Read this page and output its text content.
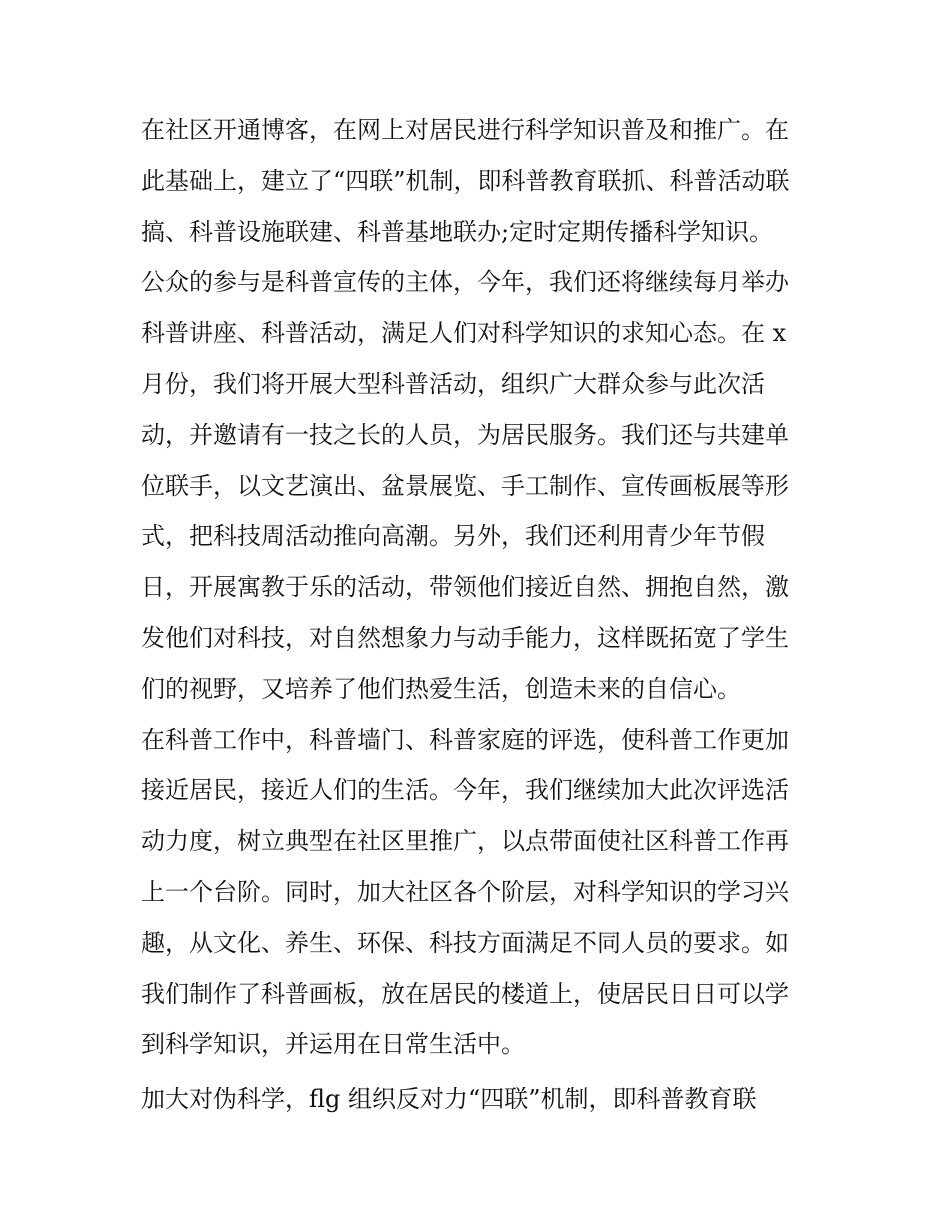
在社区开通博客，在网上对居民进行科学知识普及和推广。在
此基础上，建立了“四联”机制，即科普教育联抓、科普活动联
搞、科普设施联建、科普基地联办;定时定期传播科学知识。
公众的参与是科普宣传的主体，今年，我们还将继续每月举办
科普讲座、科普活动，满足人们对科学知识的求知心态。在 x
月份，我们将开展大型科普活动，组织广大群众参与此次活
动，并邀请有一技之长的人员，为居民服务。我们还与共建单
位联手，以文艺演出、盆景展览、手工制作、宣传画板展等形
式，把科技周活动推向高潮。另外，我们还利用青少年节假
日，开展寓教于乐的活动，带领他们接近自然、拥抱自然，激
发他们对科技，对自然想象力与动手能力，这样既拓宽了学生
们的视野，又培养了他们热爱生活，创造未来的自信心。
在科普工作中，科普墙门、科普家庭的评选，使科普工作更加
接近居民，接近人们的生活。今年，我们继续加大此次评选活
动力度，树立典型在社区里推广，以点带面使社区科普工作再
上一个台阶。同时，加大社区各个阶层，对科学知识的学习兴
趣，从文化、养生、环保、科技方面满足不同人员的要求。如
我们制作了科普画板，放在居民的楼道上，使居民日日可以学
到科学知识，并运用在日常生活中。
加大对伪科学，flg 组织反对力“四联”机制，即科普教育联
